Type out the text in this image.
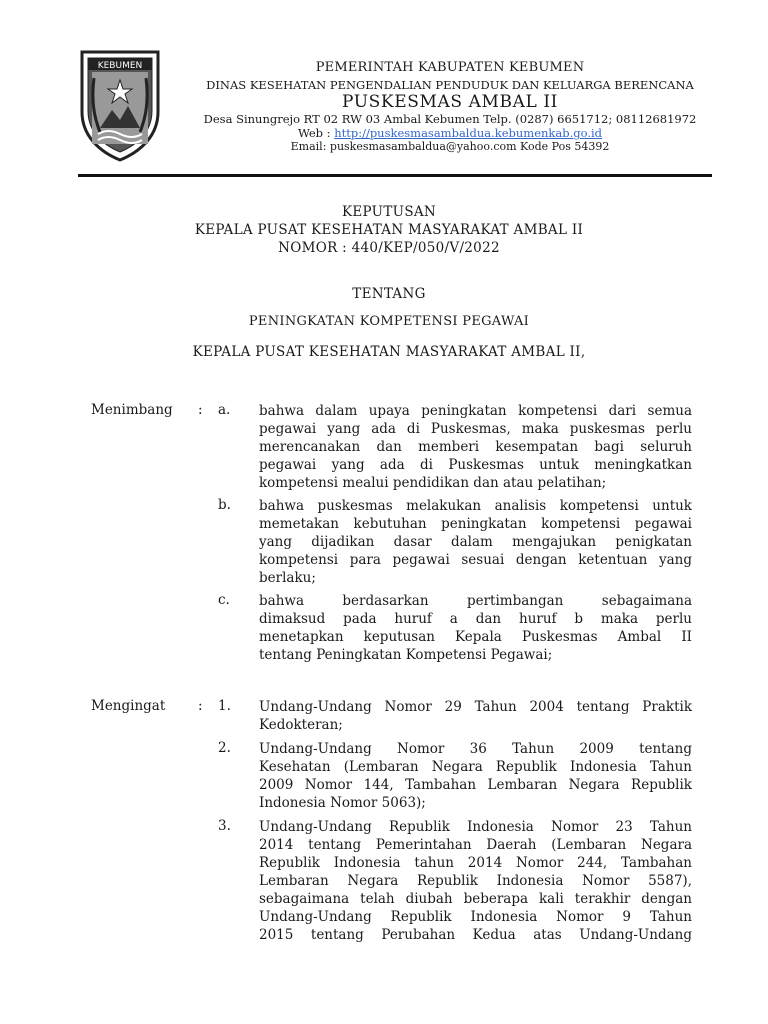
KEBUMEN	PEMERINTAH KABUPATEN KEBUMEN
DINAS KESEHATAN PENGENDALIAN PENDUDUK DAN KELUARGA BERENCANA
PUSKESMAS AMBAL II
Desa Sinungrejo RT 02 RW 03 Ambal Kebumen Telp. (0287) 6651712; 08112681972
Web : http://puskesmasambaldua.kebumenkab.go.id
Email: puskesmasambaldua@yahoo.com Kode Pos 54392
KEPUTUSAN
KEPALA PUSAT KESEHATAN MASYARAKAT AMBAL II
NOMOR : 440/KEP/050/V/2022
TENTANG
PENINGKATAN KOMPETENSI PEGAWAI
KEPALA PUSAT KESEHATAN MASYARAKAT AMBAL II,
Menimbang : a. bahwa dalam upaya peningkatan kompetensi dari semua
pegawai yang ada di Puskesmas, maka puskesmas perlu
merencanakan dan memberi kesempatan bagi seluruh
pegawai yang ada di Puskesmas untuk meningkatkan
kompetensi mealui pendidikan dan atau pelatihan;
b. bahwa puskesmas melakukan analisis kompetensi untuk
memetakan kebutuhan peningkatan kompetensi pegawai
yang dijadikan dasar dalam mengajukan penigkatan
kompetensi para pegawai sesuai dengan ketentuan yang
berlaku;
c. bahwa berdasarkan pertimbangan sebagaimana
dimaksud pada huruf a dan huruf b maka perlu
menetapkan keputusan Kepala Puskesmas Ambal II
tentang Peningkatan Kompetensi Pegawai;
Mengingat : 1. Undang-Undang Nomor 29 Tahun 2004 tentang Praktik
Kedokteran;
2. Undang-Undang Nomor 36 Tahun 2009 tentang
Kesehatan (Lembaran Negara Republik Indonesia Tahun
2009 Nomor 144, Tambahan Lembaran Negara Republik
Indonesia Nomor 5063);
3. Undang-Undang Republik Indonesia Nomor 23 Tahun
2014 tentang Pemerintahan Daerah (Lembaran Negara
Republik Indonesia tahun 2014 Nomor 244, Tambahan
Lembaran Negara Republik Indonesia Nomor 5587),
sebagaimana telah diubah beberapa kali terakhir dengan
Undang-Undang Republik Indonesia Nomor 9 Tahun
2015 tentang Perubahan Kedua atas Undang-Undang
